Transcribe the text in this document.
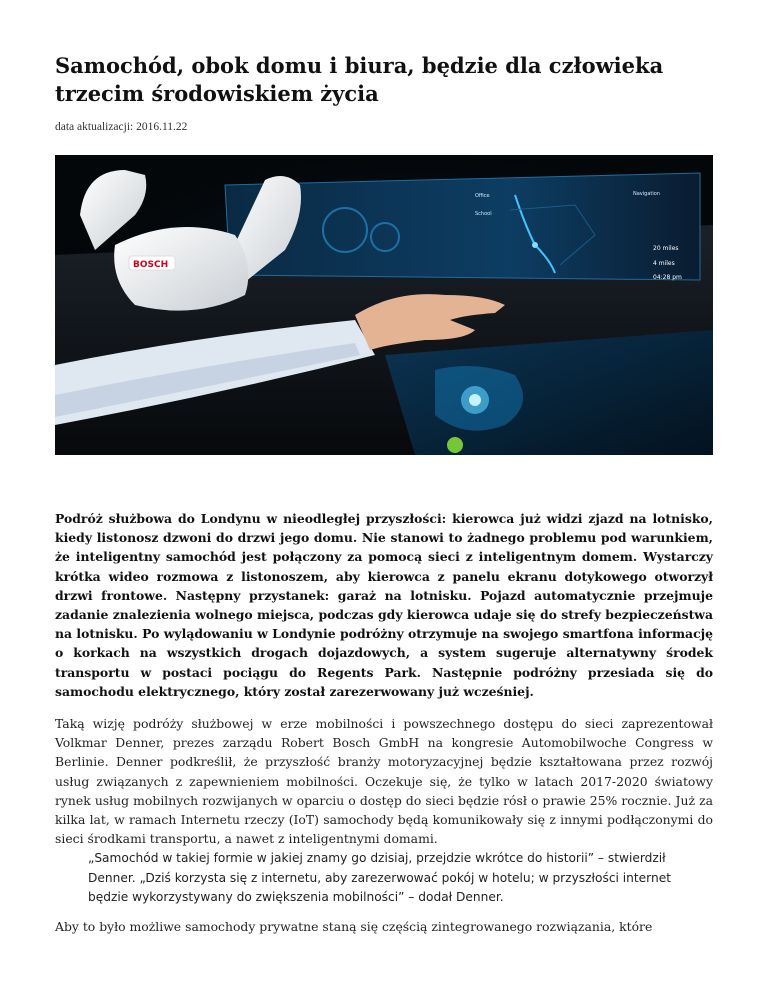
Samochód, obok domu i biura, będzie dla człowieka trzecim środowiskiem życia
data aktualizacji: 2016.11.22
Office
School
Navigation
20 miles
4 miles
04:28 pm
BOSCH

Podróż służbowa do Londynu w nieodległej przyszłości: kierowca już widzi zjazd na lotnisko, kiedy listonosz dzwoni do drzwi jego domu. Nie stanowi to żadnego problemu pod warunkiem, że inteligentny samochód jest połączony za pomocą sieci z inteligentnym domem. Wystarczy krótka wideo rozmowa z listonoszem, aby kierowca z panelu ekranu dotykowego otworzył drzwi frontowe. Następny przystanek: garaż na lotnisku. Pojazd automatycznie przejmuje zadanie znalezienia wolnego miejsca, podczas gdy kierowca udaje się do strefy bezpieczeństwa na lotnisku. Po wylądowaniu w Londynie podróżny otrzymuje na swojego smartfona informację o korkach na wszystkich drogach dojazdowych, a system sugeruje alternatywny środek transportu w postaci pociągu do Regents Park. Następnie podróżny przesiada się do samochodu elektrycznego, który został zarezerwowany już wcześniej.

Taką wizję podróży służbowej w erze mobilności i powszechnego dostępu do sieci zaprezentował Volkmar Denner, prezes zarządu Robert Bosch GmbH na kongresie Automobilwoche Congress w Berlinie. Denner podkreślił, że przyszłość branży motoryzacyjnej będzie kształtowana przez rozwój usług związanych z zapewnieniem mobilności. Oczekuje się, że tylko w latach 2017-2020 światowy rynek usług mobilnych rozwijanych w oparciu o dostęp do sieci będzie rósł o prawie 25% rocznie. Już za kilka lat, w ramach Internetu rzeczy (IoT) samochody będą komunikowały się z innymi podłączonymi do sieci środkami transportu, a nawet z inteligentnymi domami.

„Samochód w takiej formie w jakiej znamy go dzisiaj, przejdzie wkrótce do historii” – stwierdził Denner. „Dziś korzysta się z internetu, aby zarezerwować pokój w hotelu; w przyszłości internet będzie wykorzystywany do zwiększenia mobilności” – dodał Denner.

Aby to było możliwe samochody prywatne staną się częścią zintegrowanego rozwiązania, które
